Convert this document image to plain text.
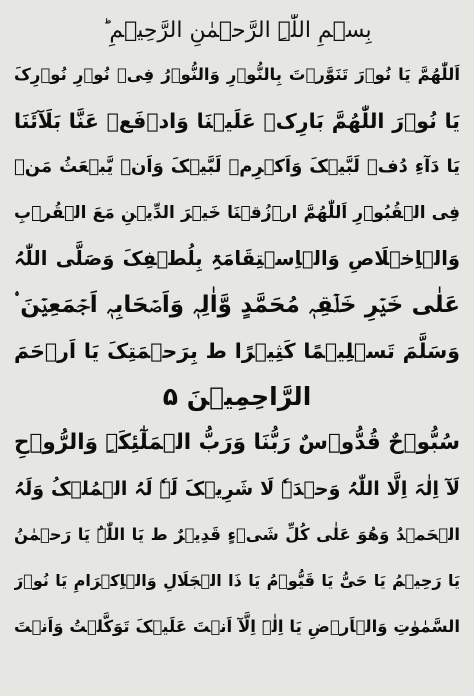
بِسۡمِ اللّٰہِ الرَّحۡمٰنِ الرَّحِیۡمِ ؕ
اَللّٰھُمَّ یَا نُوۡرَ تَنَوَّرۡتَ بِالنُّوۡرِ وَالنُّوۡرُ فِیۡ نُوۡرِ نُوۡرِکَ
یَا نُوۡرَ اللّٰھُمَّ بَارِکۡ عَلَیۡنَا وَادۡفَعۡ عَنَّا بَلَآئَنَا
یَا دَآءِ دُفۡ لَبَّیۡکَ وَاَکۡرِمۡ لَبَّیۡکَ وَاَنۡ یَّبۡعَثُ مَنۡ
فِی الۡقُبُوۡرِ اَللّٰھُمَّ ارۡزُقۡنَا خَیۡرَ الدِّیۡنِ مَعَ الۡقُرۡبِ
وَالۡاِخۡلَاصِ وَالۡاِسۡتِقَامَۃِ بِلُطۡفِکَ وَصَلَّی اللّٰہُ
عَلٰی خَیۡرِ خَلۡقِہٖ مُحَمَّدٍ وَّاٰلِہٖ وَاَصۡحَابِہٖ اَجۡمَعِیۡنَ ۟
وَسَلَّمَ تَسۡلِیۡمًا کَثِیۡرًا ط بِرَحۡمَتِکَ یَا اَرۡحَمَ
الرَّاحِمِیۡنَ ۵
سُبُّوۡحٌ قُدُّوۡسٌ رَبُّنَا وَرَبُّ الۡمَلٰٓئِکَۃِ وَالرُّوۡحِ
لَآ اِلٰہَ اِلَّا اللّٰہُ وَحۡدَہٗ لَا شَرِیۡکَ لَہٗ لَہُ الۡمُلۡکُ وَلَہُ
الۡحَمۡدُ وَھُوَ عَلٰی کُلِّ شَیۡءٍ قَدِیۡرٌ ط یَا اللّٰہُ یَا رَحۡمٰنُ
یَا رَحِیۡمُ یَا حَیُّ یَا قَیُّوۡمُ یَا ذَا الۡجَلَالِ وَالۡاِکۡرَامِ یَا نُوۡرَ
السَّمٰوٰتِ وَالۡاَرۡضِ یَا اِلٰہَ اِلَّآ اَنۡتَ عَلَیۡکَ تَوَکَّلۡتُ وَاَنۡتَ
